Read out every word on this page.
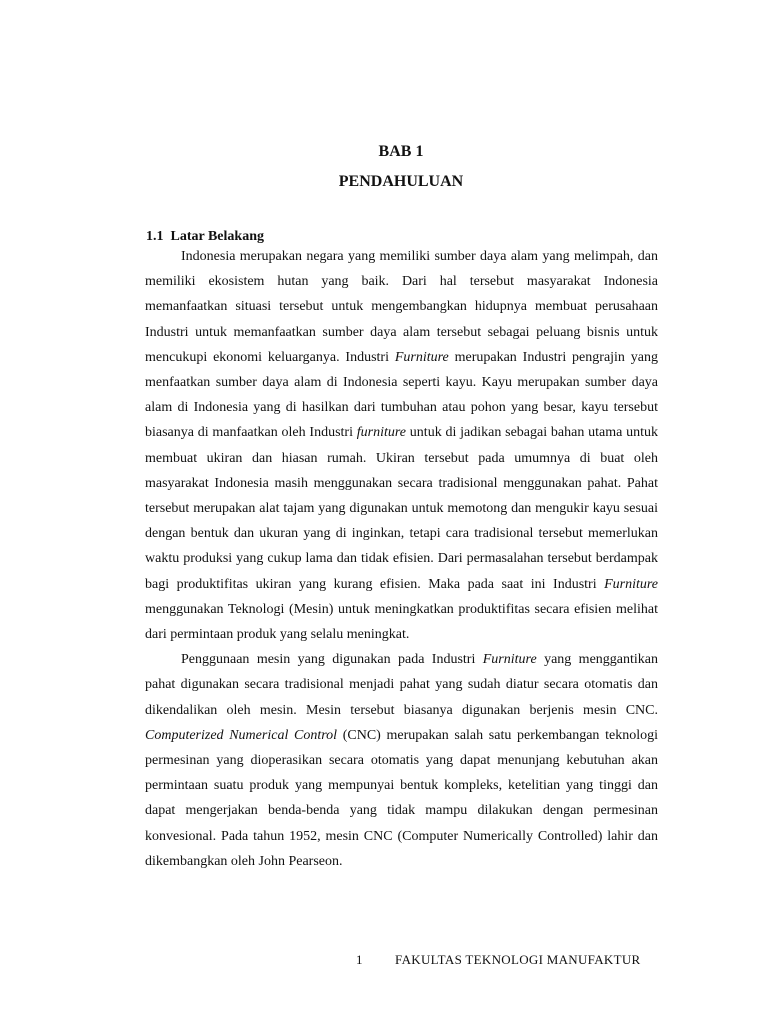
BAB 1
PENDAHULUAN
1.1  Latar Belakang

Indonesia merupakan negara yang memiliki sumber daya alam yang melimpah, dan memiliki ekosistem hutan yang baik. Dari hal tersebut masyarakat Indonesia memanfaatkan situasi tersebut untuk mengembangkan hidupnya membuat perusahaan Industri untuk memanfaatkan sumber daya alam tersebut sebagai peluang bisnis untuk mencukupi ekonomi keluarganya. Industri Furniture merupakan Industri pengrajin yang menfaatkan sumber daya alam di Indonesia seperti kayu. Kayu merupakan sumber daya alam di Indonesia yang di hasilkan dari tumbuhan atau pohon yang besar, kayu tersebut biasanya di manfaatkan oleh Industri furniture untuk di jadikan sebagai bahan utama untuk membuat ukiran dan hiasan rumah. Ukiran tersebut pada umumnya di buat oleh masyarakat Indonesia masih menggunakan secara tradisional menggunakan pahat. Pahat tersebut merupakan alat tajam yang digunakan untuk memotong dan mengukir kayu sesuai dengan bentuk dan ukuran yang di inginkan, tetapi cara tradisional tersebut memerlukan waktu produksi yang cukup lama dan tidak efisien. Dari permasalahan tersebut berdampak bagi produktifitas ukiran yang kurang efisien. Maka pada saat ini Industri Furniture menggunakan Teknologi (Mesin) untuk meningkatkan produktifitas secara efisien melihat dari permintaan produk yang selalu meningkat.

Penggunaan mesin yang digunakan pada Industri Furniture yang menggantikan pahat digunakan secara tradisional menjadi pahat yang sudah diatur secara otomatis dan dikendalikan oleh mesin. Mesin tersebut biasanya digunakan berjenis mesin CNC. Computerized Numerical Control (CNC) merupakan salah satu perkembangan teknologi permesinan yang dioperasikan secara otomatis yang dapat menunjang kebutuhan akan permintaan suatu produk yang mempunyai bentuk kompleks, ketelitian yang tinggi dan dapat mengerjakan benda-benda yang tidak mampu dilakukan dengan permesinan konvesional. Pada tahun 1952, mesin CNC (Computer Numerically Controlled) lahir dan dikembangkan oleh John Pearseon.

1	FAKULTAS TEKNOLOGI MANUFAKTUR
